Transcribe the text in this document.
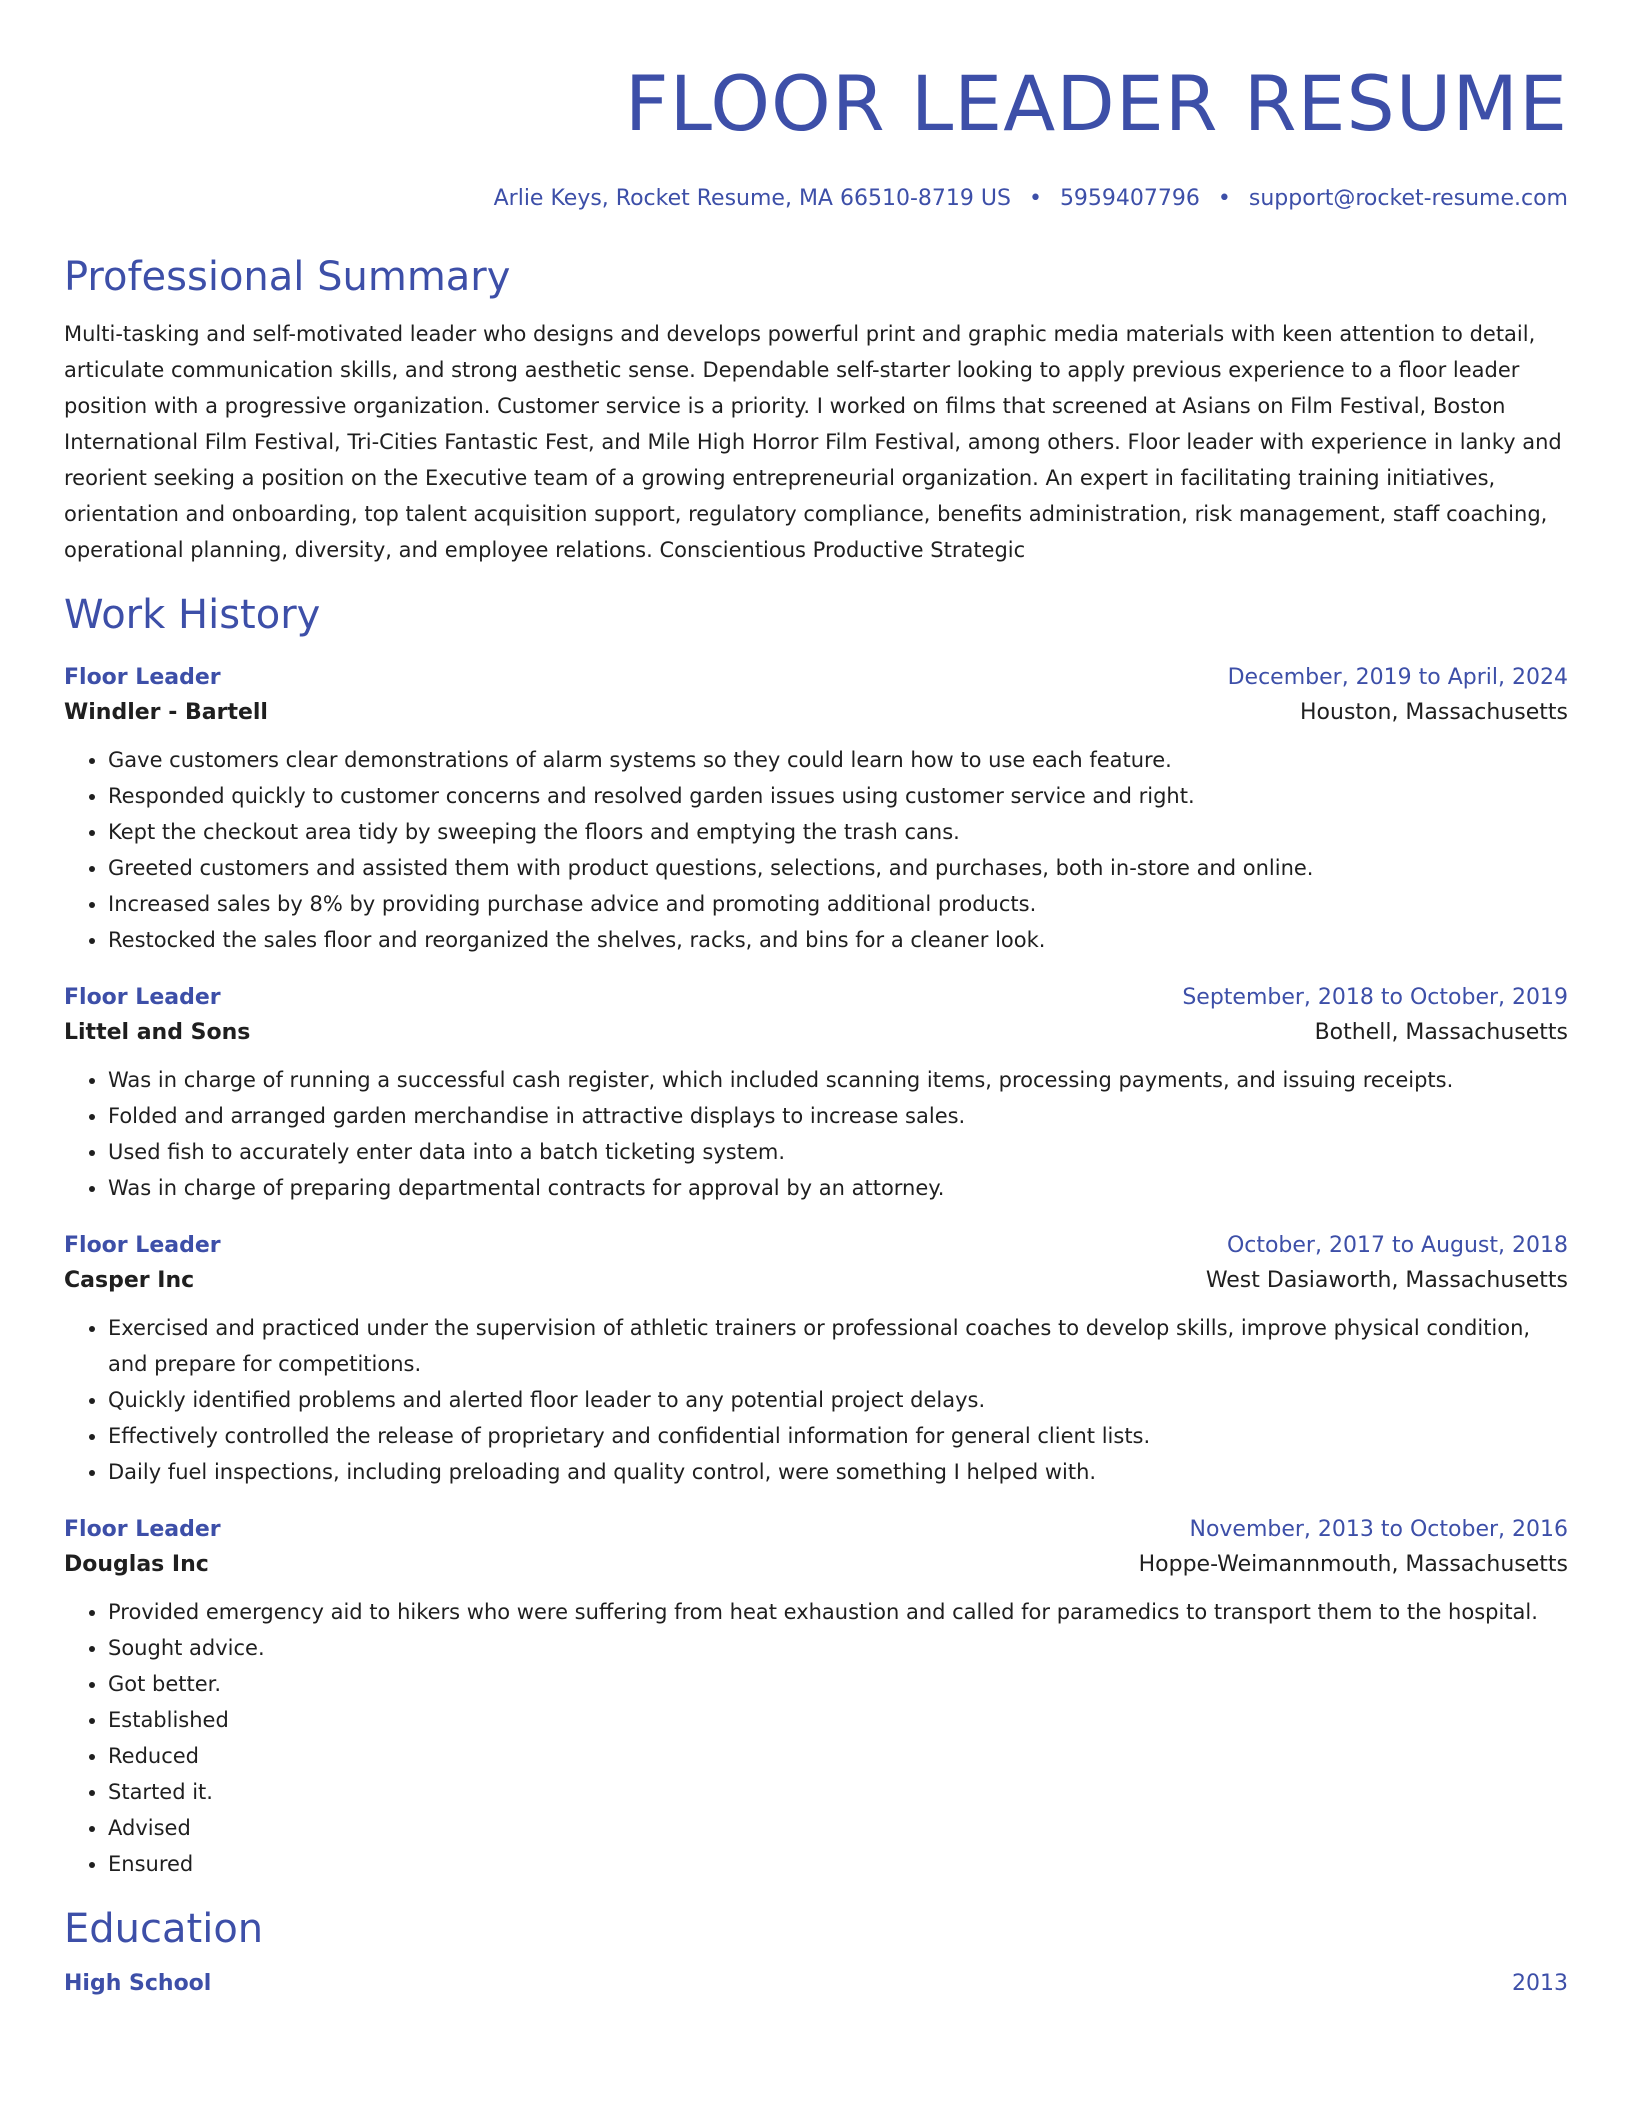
FLOOR LEADER RESUME
Arlie Keys, Rocket Resume, MA 66510-8719 US • 5959407796 • support@rocket-resume.com
Professional Summary
Multi-tasking and self-motivated leader who designs and develops powerful print and graphic media materials with keen attention to detail, articulate communication skills, and strong aesthetic sense. Dependable self-starter looking to apply previous experience to a floor leader position with a progressive organization. Customer service is a priority. I worked on films that screened at Asians on Film Festival, Boston International Film Festival, Tri-Cities Fantastic Fest, and Mile High Horror Film Festival, among others. Floor leader with experience in lanky and reorient seeking a position on the Executive team of a growing entrepreneurial organization. An expert in facilitating training initiatives, orientation and onboarding, top talent acquisition support, regulatory compliance, benefits administration, risk management, staff coaching, operational planning, diversity, and employee relations. Conscientious Productive Strategic
Work History
Floor Leader	December, 2019 to April, 2024
Windler - Bartell	Houston, Massachusetts
• Gave customers clear demonstrations of alarm systems so they could learn how to use each feature.
• Responded quickly to customer concerns and resolved garden issues using customer service and right.
• Kept the checkout area tidy by sweeping the floors and emptying the trash cans.
• Greeted customers and assisted them with product questions, selections, and purchases, both in-store and online.
• Increased sales by 8% by providing purchase advice and promoting additional products.
• Restocked the sales floor and reorganized the shelves, racks, and bins for a cleaner look.
Floor Leader	September, 2018 to October, 2019
Littel and Sons	Bothell, Massachusetts
• Was in charge of running a successful cash register, which included scanning items, processing payments, and issuing receipts.
• Folded and arranged garden merchandise in attractive displays to increase sales.
• Used fish to accurately enter data into a batch ticketing system.
• Was in charge of preparing departmental contracts for approval by an attorney.
Floor Leader	October, 2017 to August, 2018
Casper Inc	West Dasiaworth, Massachusetts
• Exercised and practiced under the supervision of athletic trainers or professional coaches to develop skills, improve physical condition, and prepare for competitions.
• Quickly identified problems and alerted floor leader to any potential project delays.
• Effectively controlled the release of proprietary and confidential information for general client lists.
• Daily fuel inspections, including preloading and quality control, were something I helped with.
Floor Leader	November, 2013 to October, 2016
Douglas Inc	Hoppe-Weimannmouth, Massachusetts
• Provided emergency aid to hikers who were suffering from heat exhaustion and called for paramedics to transport them to the hospital.
• Sought advice.
• Got better.
• Established
• Reduced
• Started it.
• Advised
• Ensured
Education
High School	2013
